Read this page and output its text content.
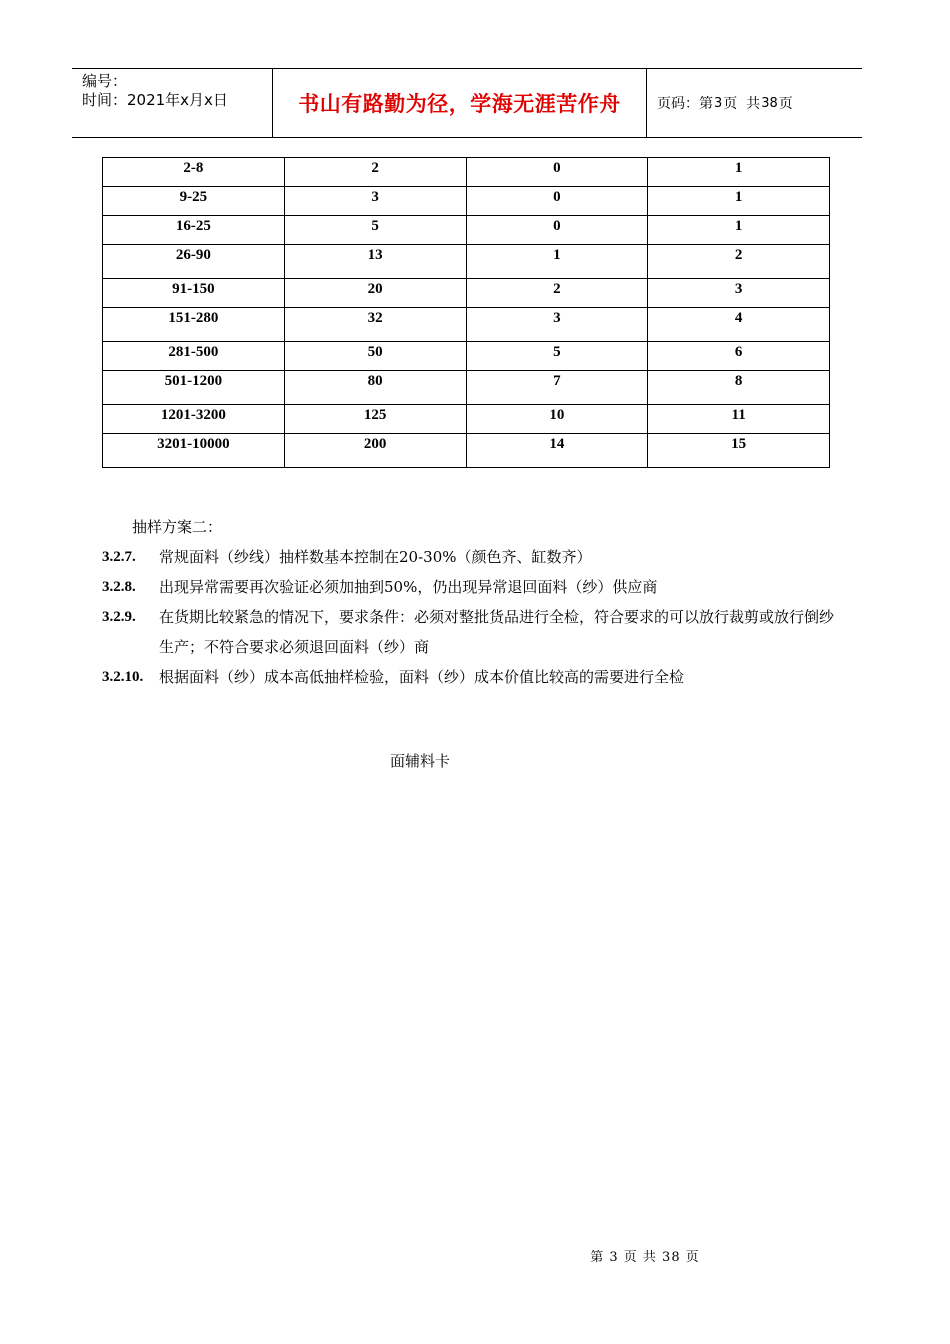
编号：
时间：2021年x月x日	书山有路勤为径，学海无涯苦作舟	页码：第 3 页  共 38 页
2-8	2	0	1
9-25	3	0	1
16-25	5	0	1
26-90	13	1	2
91-150	20	2	3
151-280	32	3	4
281-500	50	5	6
501-1200	80	7	8
1201-3200	125	10	11
3201-10000	200	14	15
抽样方案二：
3.2.7.	常规面料（纱线）抽样数基本控制在20-30%（颜色齐、缸数齐）
3.2.8.	出现异常需要再次验证必须加抽到50%，仍出现异常退回面料（纱）供应商
3.2.9.	在货期比较紧急的情况下，要求条件：必须对整批货品进行全检，符合要求的可以放行裁剪或放行倒纱生产；不符合要求必须退回面料（纱）商
3.2.10.	根据面料（纱）成本高低抽样检验，面料（纱）成本价值比较高的需要进行全检
面辅料卡
第 3 页 共 38 页
